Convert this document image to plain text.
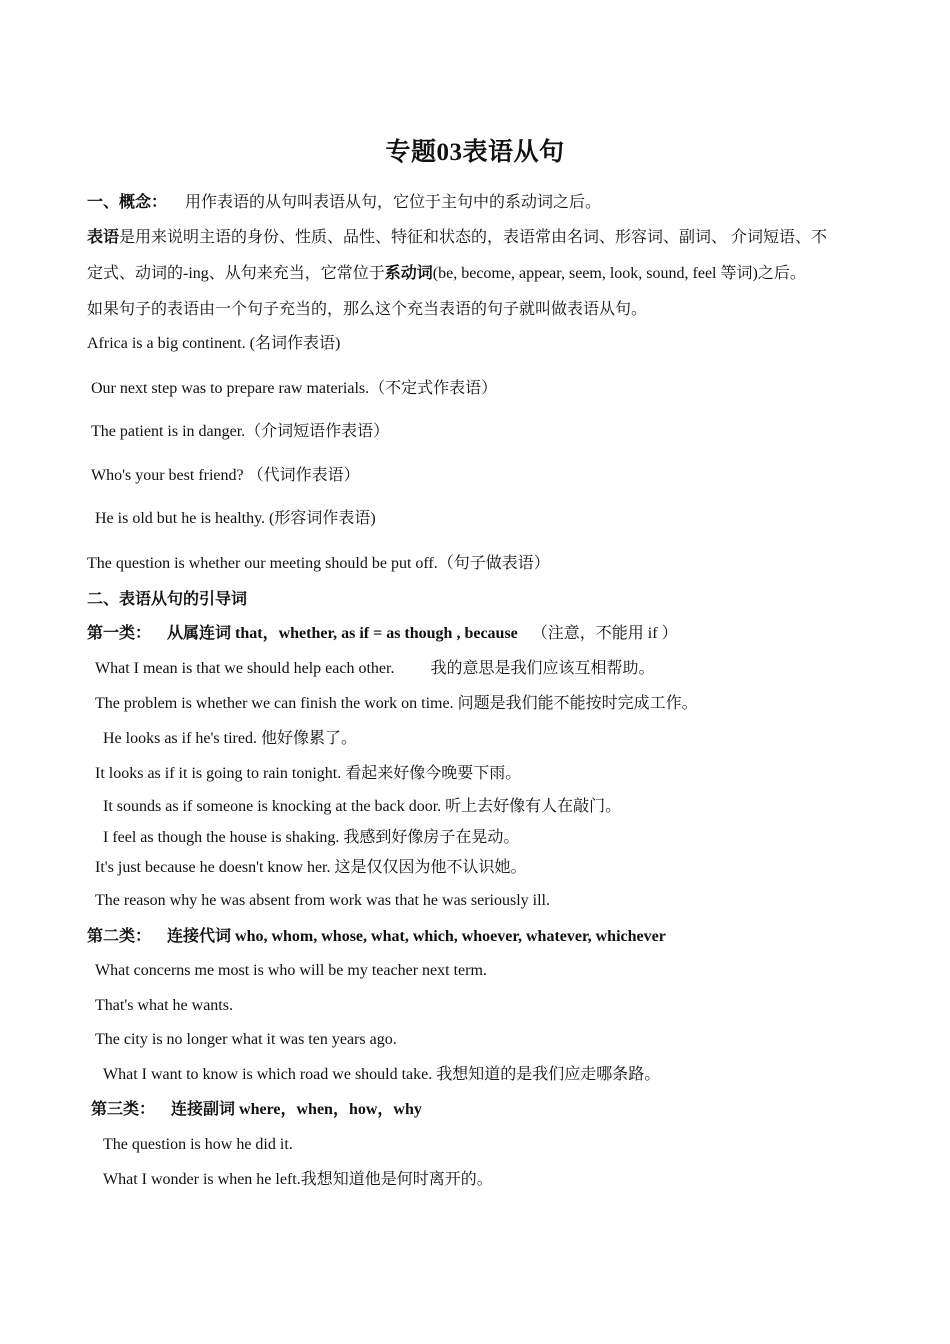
专题03表语从句
一、概念： 用作表语的从句叫表语从句，它位于主句中的系动词之后。
表语是用来说明主语的身份、性质、品性、特征和状态的，表语常由名词、形容词、副词、 介词短语、不
定式、动词的-ing、从句来充当，它常位于系动词(be, become, appear, seem, look, sound, feel 等词)之后。
如果句子的表语由一个句子充当的，那么这个充当表语的句子就叫做表语从句。
Africa is a big continent. (名词作表语)
Our next step was to prepare raw materials.（不定式作表语）
The patient is in danger.（介词短语作表语）
Who's your best friend? （代词作表语）
He is old but he is healthy. (形容词作表语)
The question is whether our meeting should be put off.（句子做表语）
二、表语从句的引导词
第一类： 从属连词 that，whether, as if = as though , because （注意，不能用 if ）
What I mean is that we should help each other. 我的意思是我们应该互相帮助。
The problem is whether we can finish the work on time. 问题是我们能不能按时完成工作。
He looks as if he's tired. 他好像累了。
It looks as if it is going to rain tonight. 看起来好像今晚要下雨。
It sounds as if someone is knocking at the back door. 听上去好像有人在敲门。
I feel as though the house is shaking. 我感到好像房子在晃动。
It's just because he doesn't know her. 这是仅仅因为他不认识她。
The reason why he was absent from work was that he was seriously ill.
第二类： 连接代词 who, whom, whose, what, which, whoever, whatever, whichever
What concerns me most is who will be my teacher next term.
That's what he wants.
The city is no longer what it was ten years ago.
What I want to know is which road we should take. 我想知道的是我们应走哪条路。
第三类： 连接副词 where，when，how，why
The question is how he did it.
What I wonder is when he left.我想知道他是何时离开的。
